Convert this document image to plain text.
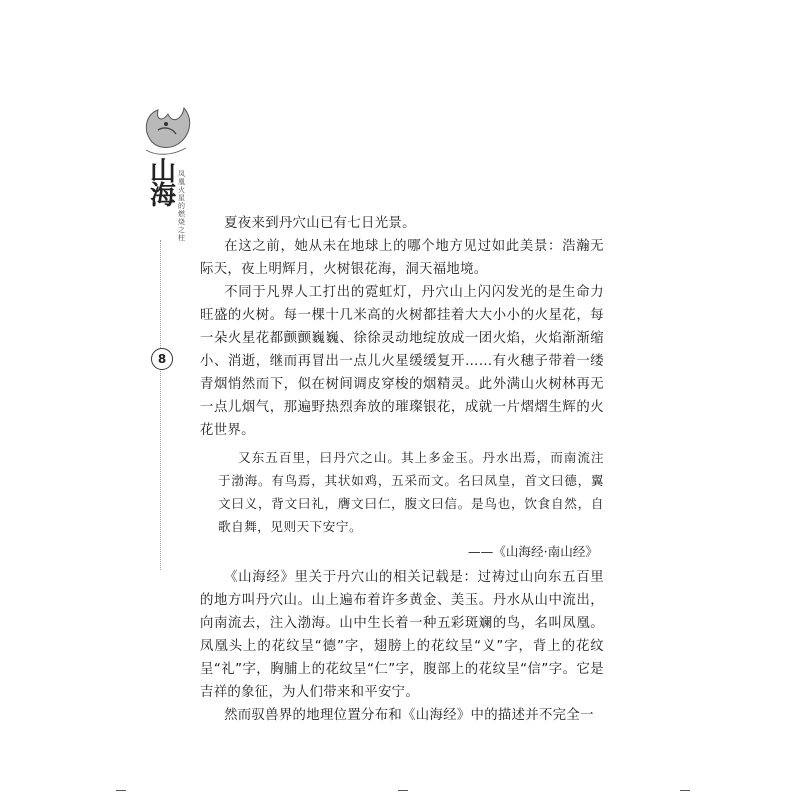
山海
凤凰火星的燃烧之柱
8

夏夜来到丹穴山已有七日光景。

在这之前，她从未在地球上的哪个地方见过如此美景：浩瀚无际天，夜上明辉月，火树银花海，洞天福地境。

不同于凡界人工打出的霓虹灯，丹穴山上闪闪发光的是生命力旺盛的火树。每一棵十几米高的火树都挂着大大小小的火星花，每一朵火星花都颤颤巍巍、徐徐灵动地绽放成一团火焰，火焰渐渐缩小、消逝，继而再冒出一点儿火星缓缓复开……有火穗子带着一缕青烟悄然而下，似在树间调皮穿梭的烟精灵。此外满山火树林再无一点儿烟气，那遍野热烈奔放的璀璨银花，成就一片熠熠生辉的火花世界。

又东五百里，曰丹穴之山。其上多金玉。丹水出焉，而南流注于渤海。有鸟焉，其状如鸡，五采而文。名曰凤皇，首文曰德，翼文曰义，背文曰礼，膺文曰仁，腹文曰信。是鸟也，饮食自然，自歌自舞，见则天下安宁。

——《山海经·南山经》

《山海经》里关于丹穴山的相关记载是：过祷过山向东五百里的地方叫丹穴山。山上遍布着许多黄金、美玉。丹水从山中流出，向南流去，注入渤海。山中生长着一种五彩斑斓的鸟，名叫凤凰。凤凰头上的花纹呈“德”字，翅膀上的花纹呈“义”字，背上的花纹呈“礼”字，胸脯上的花纹呈“仁”字，腹部上的花纹呈“信”字。它是吉祥的象征，为人们带来和平安宁。

然而驭兽界的地理位置分布和《山海经》中的描述并不完全一
